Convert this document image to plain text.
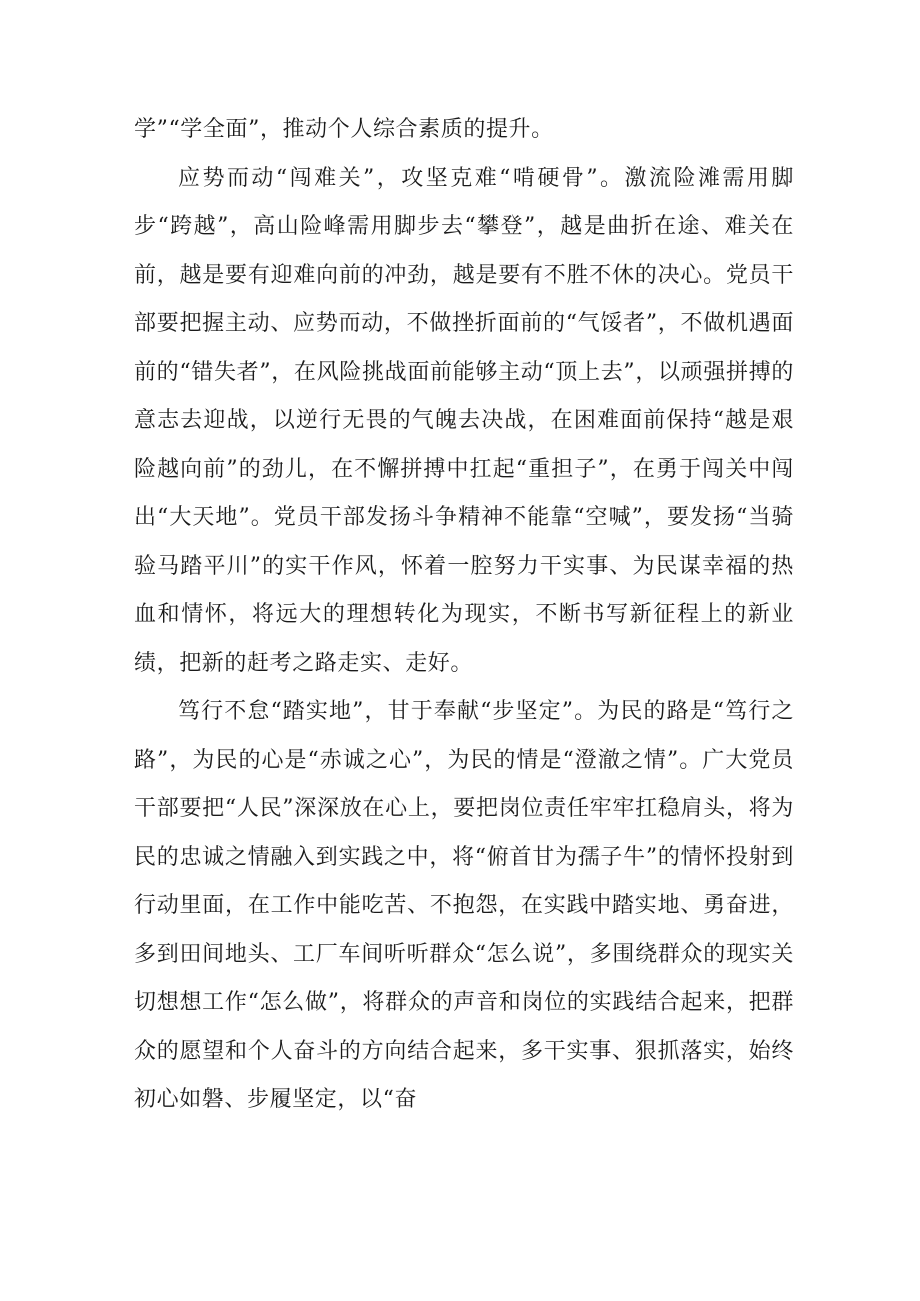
学”“学全面”，推动个人综合素质的提升。

应势而动“闯难关”，攻坚克难“啃硬骨”。激流险滩需用脚步“跨越”，高山险峰需用脚步去“攀登”，越是曲折在途、难关在前，越是要有迎难向前的冲劲，越是要有不胜不休的决心。党员干部要把握主动、应势而动，不做挫折面前的“气馁者”，不做机遇面前的“错失者”，在风险挑战面前能够主动“顶上去”，以顽强拼搏的意志去迎战，以逆行无畏的气魄去决战，在困难面前保持“越是艰险越向前”的劲儿，在不懈拼搏中扛起“重担子”，在勇于闯关中闯出“大天地”。党员干部发扬斗争精神不能靠“空喊”，要发扬“当骑验马踏平川”的实干作风，怀着一腔努力干实事、为民谋幸福的热血和情怀，将远大的理想转化为现实，不断书写新征程上的新业绩，把新的赶考之路走实、走好。

笃行不怠“踏实地”，甘于奉献“步坚定”。为民的路是“笃行之路”，为民的心是“赤诚之心”，为民的情是“澄澈之情”。广大党员干部要把“人民”深深放在心上，要把岗位责任牢牢扛稳肩头，将为民的忠诚之情融入到实践之中，将“俯首甘为孺子牛”的情怀投射到行动里面，在工作中能吃苦、不抱怨，在实践中踏实地、勇奋进，多到田间地头、工厂车间听听群众“怎么说”，多围绕群众的现实关切想想工作“怎么做”，将群众的声音和岗位的实践结合起来，把群众的愿望和个人奋斗的方向结合起来，多干实事、狠抓落实，始终初心如磐、步履坚定，以“奋
